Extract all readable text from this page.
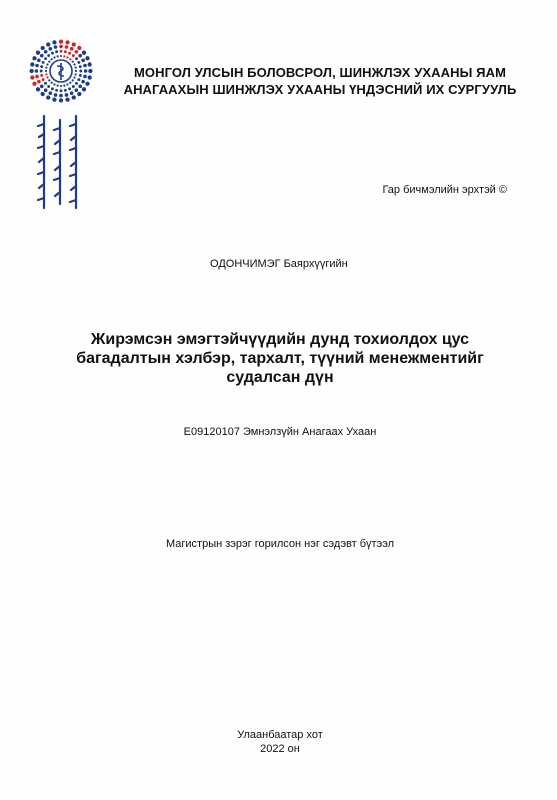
МОНГОЛ УЛСЫН БОЛОВСРОЛ, ШИНЖЛЭХ УХААНЫ ЯАМ
АНАГААХЫН ШИНЖЛЭХ УХААНЫ ҮНДЭСНИЙ ИХ СУРГУУЛЬ
Гар бичмэлийн эрхтэй ©
ОДОНЧИМЭГ Баярхүүгийн
Жирэмсэн эмэгтэйчүүдийн дунд тохиолдох цус
багадалтын хэлбэр, тархалт, түүний менежментийг
судалсан дүн
E09120107 Эмнэлзүйн Анагаах Ухаан
Магистрын зэрэг горилсон нэг сэдэвт бүтээл
Улаанбаатар хот
2022 он
